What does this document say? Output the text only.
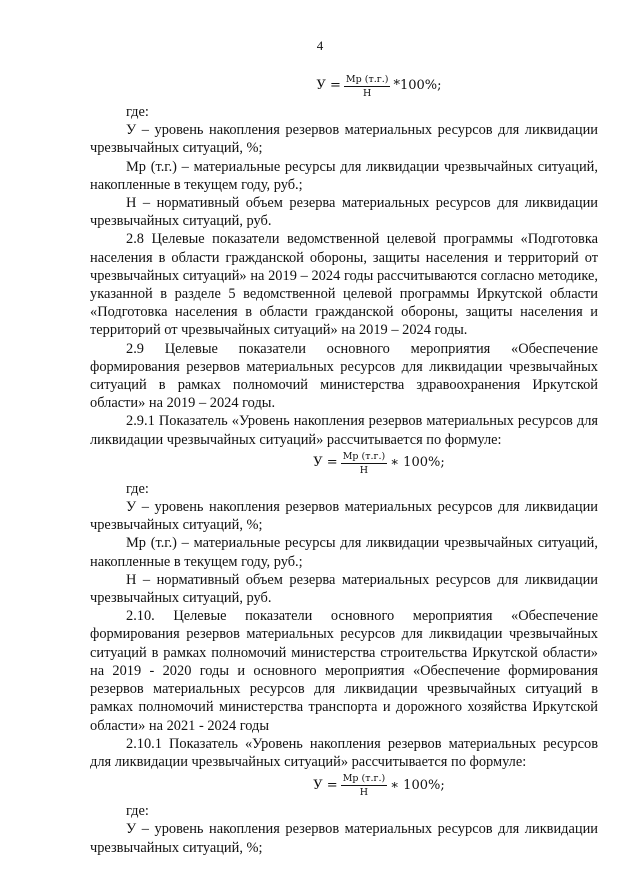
4
$У = \frac{Мр (т.г.)}{Н} *100\%$;

где:

У – уровень накопления резервов материальных ресурсов для ликвидации чрезвычайных ситуаций, %;

Мр (т.г.) – материальные ресурсы для ликвидации чрезвычайных ситуаций, накопленные в текущем году, руб.;

Н – нормативный объем резерва материальных ресурсов для ликвидации чрезвычайных ситуаций, руб.

2.8 Целевые показатели ведомственной целевой программы «Подготовка населения в области гражданской обороны, защиты населения и территорий от чрезвычайных ситуаций» на 2019 – 2024 годы рассчитываются согласно методике, указанной в разделе 5 ведомственной целевой программы Иркутской области «Подготовка населения в области гражданской обороны, защиты населения и территорий от чрезвычайных ситуаций» на 2019 – 2024 годы.

2.9 Целевые показатели основного мероприятия «Обеспечение формирования резервов материальных ресурсов для ликвидации чрезвычайных ситуаций в рамках полномочий министерства здравоохранения Иркутской области» на 2019 – 2024 годы.

2.9.1 Показатель «Уровень накопления резервов материальных ресурсов для ликвидации чрезвычайных ситуаций» рассчитывается по формуле:

$У = \frac{Мр (т.г.)}{Н}$ ∗ 100%;

где:

У – уровень накопления резервов материальных ресурсов для ликвидации чрезвычайных ситуаций, %;

Мр (т.г.) – материальные ресурсы для ликвидации чрезвычайных ситуаций, накопленные в текущем году, руб.;

Н – нормативный объем резерва материальных ресурсов для ликвидации чрезвычайных ситуаций, руб.

2.10. Целевые показатели основного мероприятия «Обеспечение формирования резервов материальных ресурсов для ликвидации чрезвычайных ситуаций в рамках полномочий министерства строительства Иркутской области» на 2019 - 2020 годы и основного мероприятия «Обеспечение формирования резервов материальных ресурсов для ликвидации чрезвычайных ситуаций в рамках полномочий министерства транспорта и дорожного хозяйства Иркутской области» на 2021 - 2024 годы

2.10.1 Показатель «Уровень накопления резервов материальных ресурсов для ликвидации чрезвычайных ситуаций» рассчитывается по формуле:

$У = \frac{Мр (т.г.)}{Н}$ ∗ 100%;

где:

У – уровень накопления резервов материальных ресурсов для ликвидации чрезвычайных ситуаций, %;
